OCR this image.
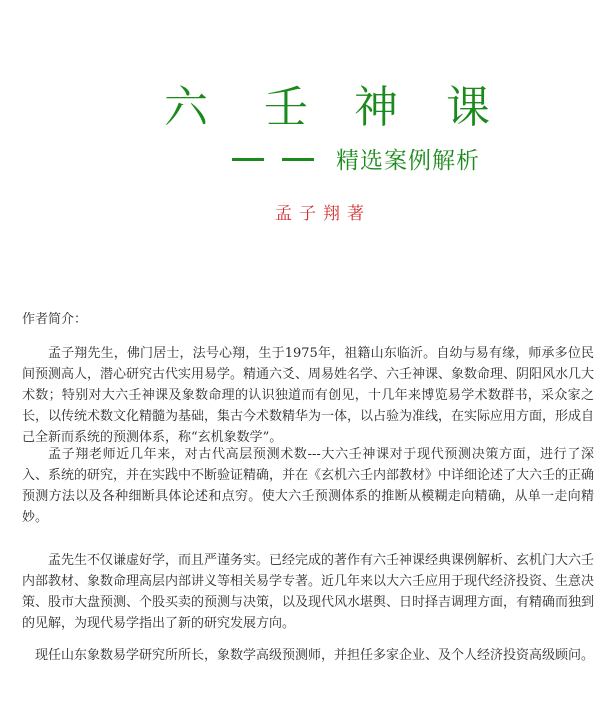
六 壬 神 课
精选案例解析
孟子翔著
作者简介：

孟子翔先生，佛门居士，法号心翔，生于1975年，祖籍山东临沂。自幼与易有缘，师承多位民间预测高人，潜心研究古代实用易学。精通六爻、周易姓名学、六壬神课、象数命理、阴阳风水几大术数；特别对大六壬神课及象数命理的认识独道而有创见，十几年来博览易学术数群书，采众家之长，以传统术数文化精髓为基础，集古今术数精华为一体，以占验为准线，在实际应用方面，形成自己全新而系统的预测体系，称“玄机象数学”。

孟子翔老师近几年来，对古代高层预测术数---大六壬神课对于现代预测决策方面，进行了深入、系统的研究，并在实践中不断验证精确，并在《玄机六壬内部教材》中详细论述了大六壬的正确预测方法以及各种细断具体论述和点穷。使大六壬预测体系的推断从模糊走向精确，从单一走向精妙。

孟先生不仅谦虚好学，而且严谨务实。已经完成的著作有六壬神课经典课例解析、玄机门大六壬内部教材、象数命理高层内部讲义等相关易学专著。近几年来以大六壬应用于现代经济投资、生意决策、股市大盘预测、个股买卖的预测与决策，以及现代风水堪舆、日时择吉调理方面，有精确而独到的见解，为现代易学指出了新的研究发展方向。

现任山东象数易学研究所所长，象数学高级预测师，并担任多家企业、及个人经济投资高级顾问。
